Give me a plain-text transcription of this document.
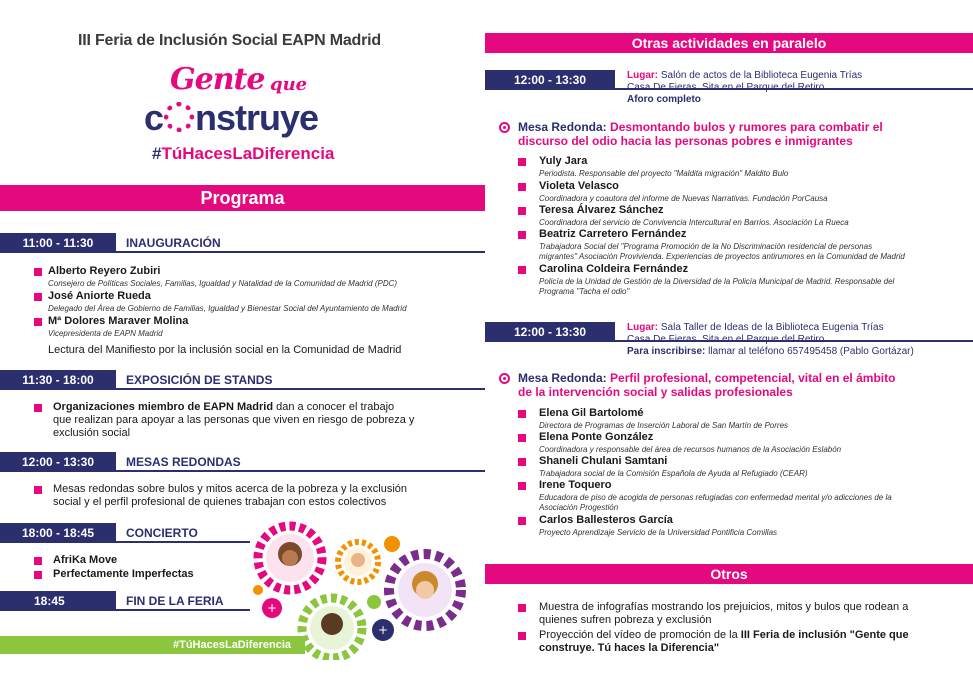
III Feria de Inclusión Social EAPN Madrid
Gente que
c nstruye
#TúHacesLaDiferencia
Programa
11:00 - 11:30	INAUGURACIÓN
Alberto Reyero Zubiri
Consejero de Políticas Sociales, Familias, Igualdad y Natalidad de la Comunidad de Madrid (PDC)
José Aniorte Rueda
Delegado del Área de Gobierno de Familias, Igualdad y Bienestar Social del Ayuntamiento de Madrid
Mª Dolores Maraver Molina
Vicepresidenta de EAPN Madrid
Lectura del Manifiesto por la inclusión social en la Comunidad de Madrid
11:30 - 18:00	EXPOSICIÓN DE STANDS
Organizaciones miembro de EAPN Madrid dan a conocer el trabajo
que realizan para apoyar a las personas que viven en riesgo de pobreza y
exclusión social
12:00 - 13:30	MESAS REDONDAS
Mesas redondas sobre bulos y mitos acerca de la pobreza y la exclusión
social y el perfil profesional de quienes trabajan con estos colectivos
18:00 - 18:45	CONCIERTO
AfriKa Move
Perfectamente Imperfectas
18:45	FIN DE LA FERIA	+
+
#TúHacesLaDiferencia
Otras actividades en paralelo
12:00 - 13:30	Lugar: Salón de actos de la Biblioteca Eugenia Trías
Casa De Fieras. Sita en el Parque del Retiro
Aforo completo
Mesa Redonda: Desmontando bulos y rumores para combatir el
discurso del odio hacia las personas pobres e inmigrantes
Yuly Jara
Periodista. Responsable del proyecto "Maldita migración" Maldito Bulo
Violeta Velasco
Coordinadora y coautora del informe de Nuevas Narrativas. Fundación PorCausa
Teresa Álvarez Sánchez
Coordinadora del servicio de Convivencia Intercultural en Barrios. Asociación La Rueca
Beatriz Carretero Fernández
Trabajadora Social del "Programa Promoción de la No Discriminación residencial de personas
migrantes" Asociación Provivienda. Experiencias de proyectos antirumores en la Comunidad de Madrid
Carolina Coldeira Fernández
Policía de la Unidad de Gestión de la Diversidad de la Policía Municipal de Madrid. Responsable del
Programa "Tacha el odio"
12:00 - 13:30	Lugar: Sala Taller de Ideas de la Biblioteca Eugenia Trías
Casa De Fieras. Sita en el Parque del Retiro
Para inscribirse: llamar al teléfono 657495458 (Pablo Gortázar)
Mesa Redonda: Perfil profesional, competencial, vital en el ámbito
de la intervención social y salidas profesionales
Elena Gil Bartolomé
Directora de Programas de Inserción Laboral de San Martín de Porres
Elena Ponte González
Coordinadora y responsable del área de recursos humanos de la Asociación Eslabón
Shaneli Chulani Samtani
Trabajadora social de la Comisión Española de Ayuda al Refugiado (CEAR)
Irene Toquero
Educadora de piso de acogida de personas refugiadas con enfermedad mental y/o adicciones de la
Asociación Progestión
Carlos Ballesteros García
Proyecto Aprendizaje Servicio de la Universidad Pontificia Comillas
Otros
Muestra de infografías mostrando los prejuicios, mitos y bulos que rodean a
quienes sufren pobreza y exclusión
Proyección del vídeo de promoción de la III Feria de inclusión "Gente que
construye. Tú haces la Diferencia"
